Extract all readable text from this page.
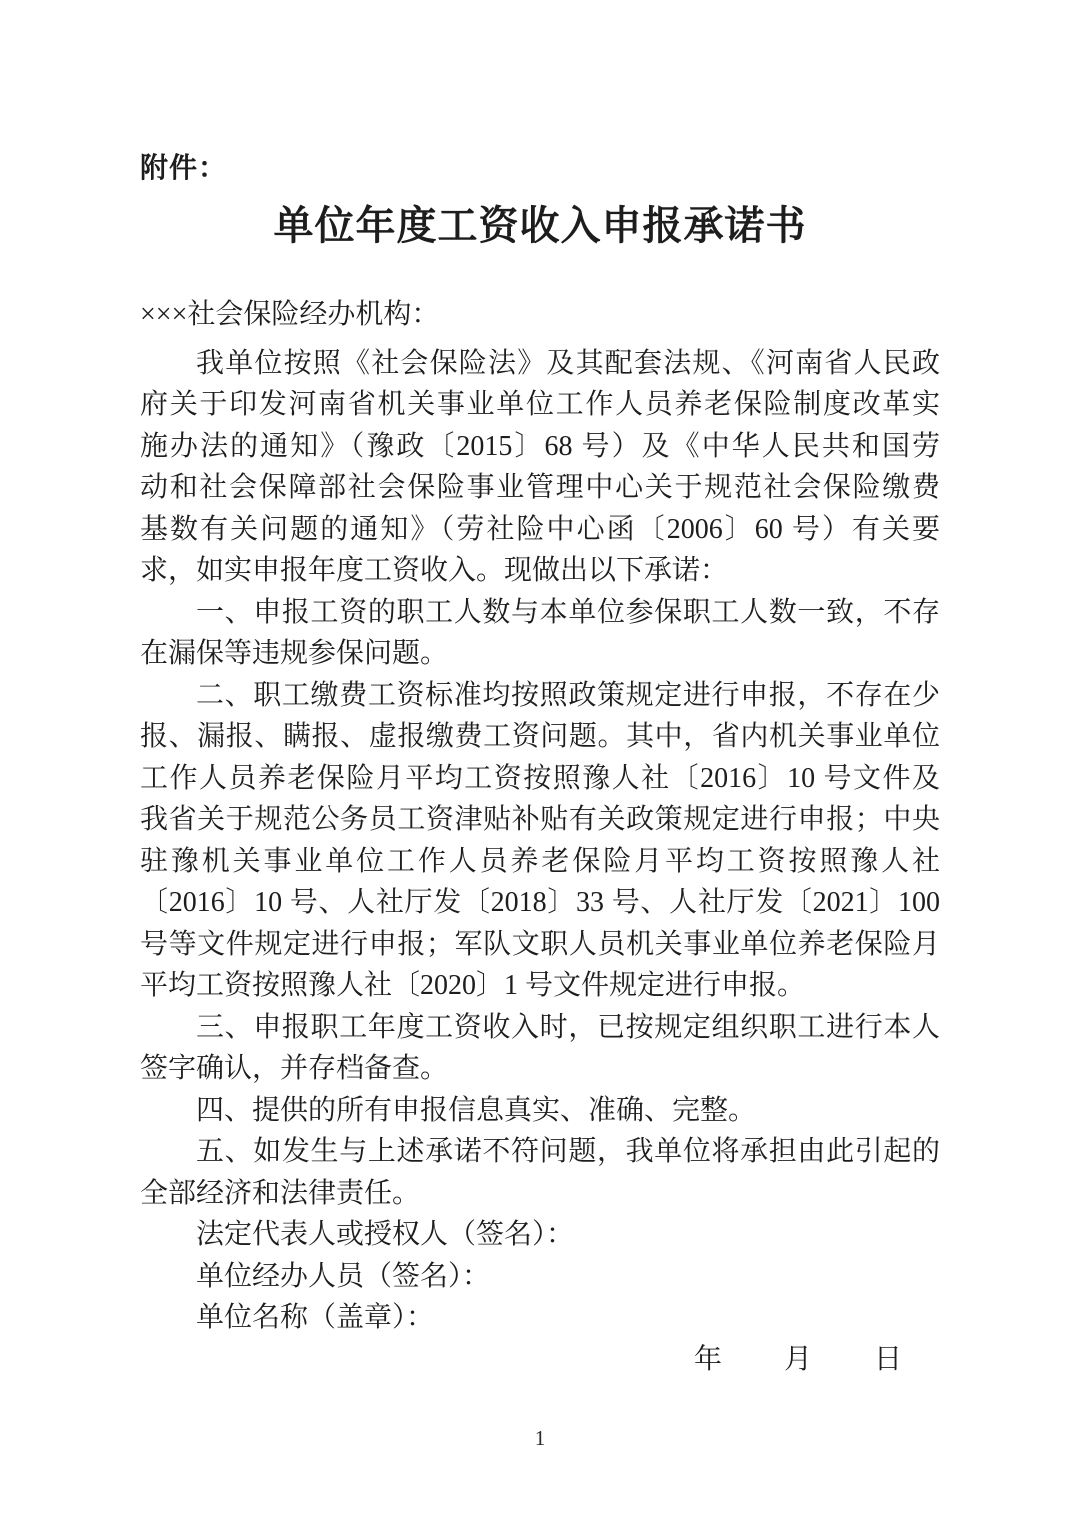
附件：
单位年度工资收入申报承诺书
×××社会保险经办机构：
我单位按照《社会保险法》及其配套法规、《河南省人民政
府关于印发河南省机关事业单位工作人员养老保险制度改革实
施办法的通知》（豫政〔2015〕68 号）及《中华人民共和国劳
动和社会保障部社会保险事业管理中心关于规范社会保险缴费
基数有关问题的通知》（劳社险中心函〔2006〕60 号）有关要
求，如实申报年度工资收入。现做出以下承诺：
一、申报工资的职工人数与本单位参保职工人数一致，不存
在漏保等违规参保问题。
二、职工缴费工资标准均按照政策规定进行申报，不存在少
报、漏报、瞒报、虚报缴费工资问题。其中，省内机关事业单位
工作人员养老保险月平均工资按照豫人社〔2016〕10 号文件及
我省关于规范公务员工资津贴补贴有关政策规定进行申报；中央
驻豫机关事业单位工作人员养老保险月平均工资按照豫人社
〔2016〕10 号、人社厅发〔2018〕33 号、人社厅发〔2021〕100
号等文件规定进行申报；军队文职人员机关事业单位养老保险月
平均工资按照豫人社〔2020〕1 号文件规定进行申报。
三、申报职工年度工资收入时，已按规定组织职工进行本人
签字确认，并存档备查。
四、提供的所有申报信息真实、准确、完整。
五、如发生与上述承诺不符问题，我单位将承担由此引起的
全部经济和法律责任。
法定代表人或授权人（签名）：
单位经办人员（签名）：
单位名称（盖章）：
年　　月　　日
1
